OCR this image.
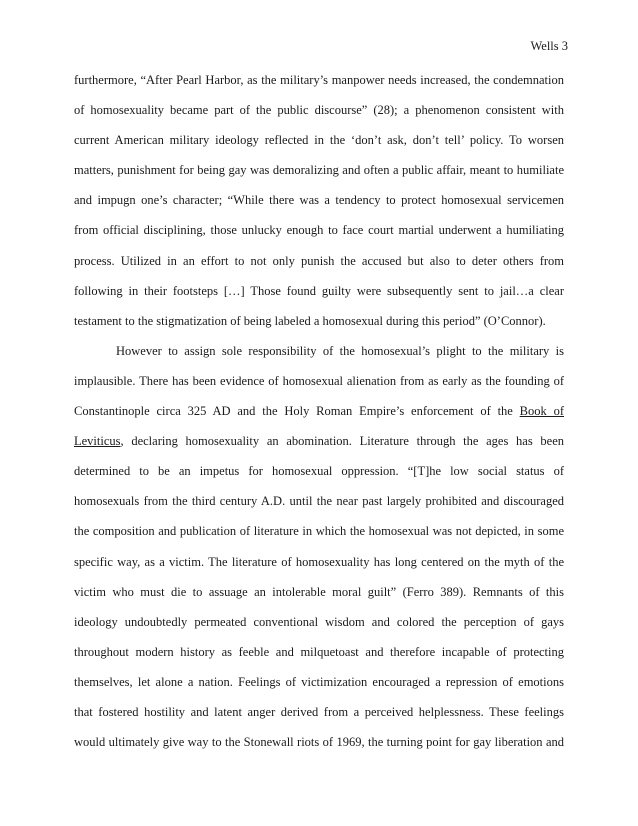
Wells 3
furthermore, “After Pearl Harbor, as the military’s manpower needs increased, the condemnation
of homosexuality became part of the public discourse” (28); a phenomenon consistent with
current American military ideology reflected in the ‘don’t ask, don’t tell’ policy. To worsen
matters, punishment for being gay was demoralizing and often a public affair, meant to humiliate
and impugn one’s character; “While there was a tendency to protect homosexual servicemen
from official disciplining, those unlucky enough to face court martial underwent a humiliating
process. Utilized in an effort to not only punish the accused but also to deter others from
following in their footsteps […] Those found guilty were subsequently sent to jail…a clear
testament to the stigmatization of being labeled a homosexual during this period” (O’Connor).
However to assign sole responsibility of the homosexual’s plight to the military is
implausible. There has been evidence of homosexual alienation from as early as the founding of
Constantinople circa 325 AD and the Holy Roman Empire’s enforcement of the Book of
Leviticus, declaring homosexuality an abomination. Literature through the ages has been
determined to be an impetus for homosexual oppression. “[T]he low social status of
homosexuals from the third century A.D. until the near past largely prohibited and discouraged
the composition and publication of literature in which the homosexual was not depicted, in some
specific way, as a victim. The literature of homosexuality has long centered on the myth of the
victim who must die to assuage an intolerable moral guilt” (Ferro 389). Remnants of this
ideology undoubtedly permeated conventional wisdom and colored the perception of gays
throughout modern history as feeble and milquetoast and therefore incapable of protecting
themselves, let alone a nation. Feelings of victimization encouraged a repression of emotions
that fostered hostility and latent anger derived from a perceived helplessness. These feelings
would ultimately give way to the Stonewall riots of 1969, the turning point for gay liberation and
